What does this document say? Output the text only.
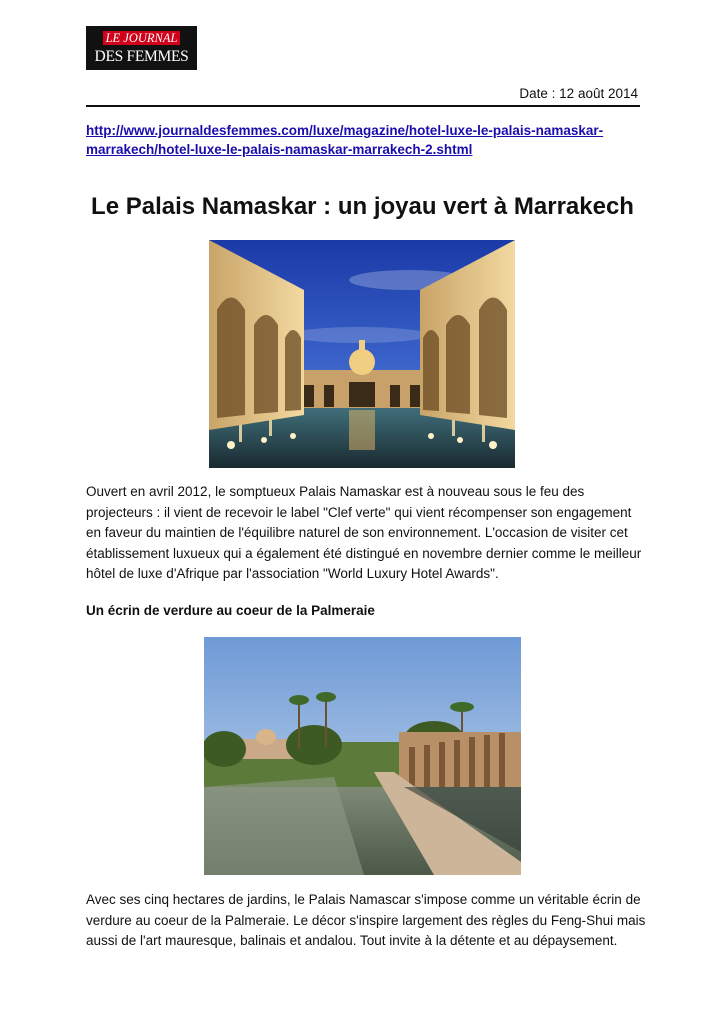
LE JOURNAL
DES FEMMES
Date : 12 août 2014
http://www.journaldesfemmes.com/luxe/magazine/hotel-luxe-le-palais-namaskar-marrakech/hotel-luxe-le-palais-namaskar-marrakech-2.shtml
Le Palais Namaskar : un joyau vert à Marrakech

Ouvert en avril 2012, le somptueux Palais Namaskar est à nouveau sous le feu des projecteurs : il vient de recevoir le label "Clef verte" qui vient récompenser son engagement en faveur du maintien de l'équilibre naturel de son environnement. L'occasion de visiter cet établissement luxueux qui a également été distingué en novembre dernier comme le meilleur hôtel de luxe d'Afrique par l'association "World Luxury Hotel Awards".

Un écrin de verdure au coeur de la Palmeraie

Avec ses cinq hectares de jardins, le Palais Namascar s'impose comme un véritable écrin de verdure au coeur de la Palmeraie. Le décor s'inspire largement des règles du Feng-Shui mais aussi de l'art mauresque, balinais et andalou. Tout invite à la détente et au dépaysement.
